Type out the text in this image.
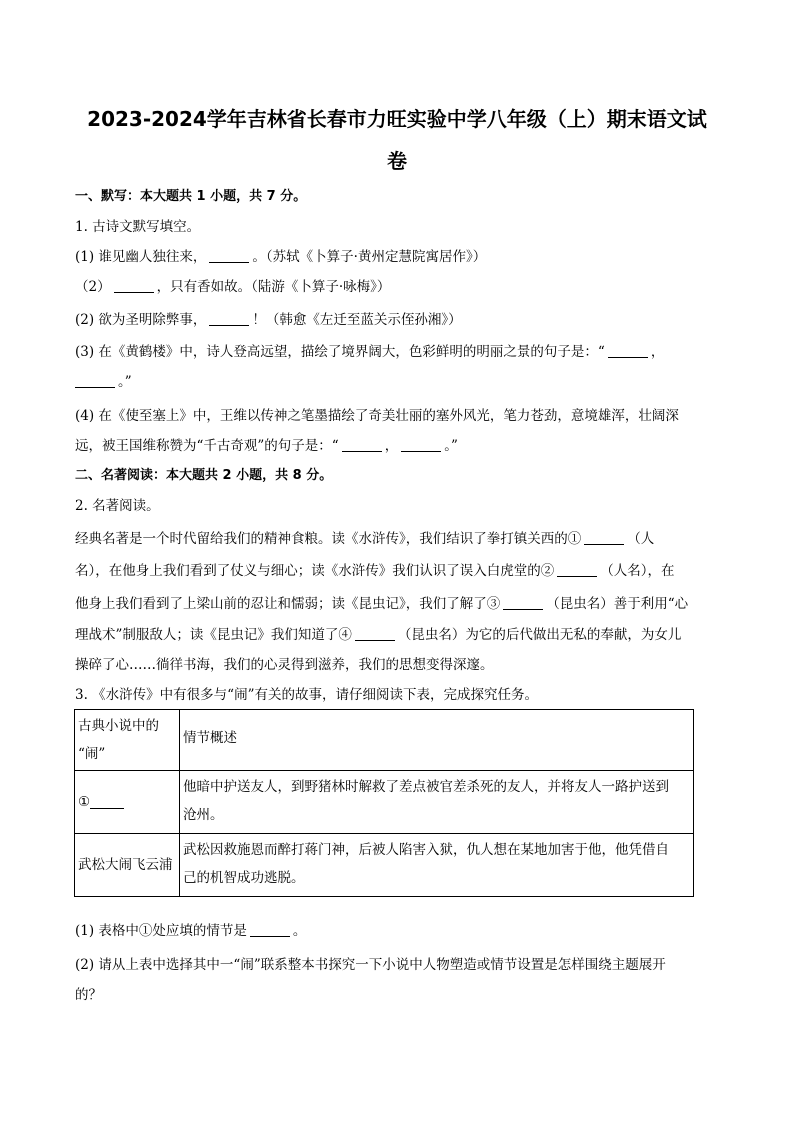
2023-2024学年吉林省长春市力旺实验中学八年级（上）期末语文试
卷
一、默写：本大题共 1 小题，共 7 分。
1. 古诗文默写填空。
(1) 谁见幽人独往来，	。（苏轼《卜算子·黄州定慧院寓居作》）
（2）	，只有香如故。（陆游《卜算子·咏梅》）
(2) 欲为圣明除弊事，	！（韩愈《左迁至蓝关示侄孙湘》）
(3) 在《黄鹤楼》中，诗人登高远望，描绘了境界阔大，色彩鲜明的明丽之景的句子是：“	，
。”
(4) 在《使至塞上》中，王维以传神之笔墨描绘了奇美壮丽的塞外风光，笔力苍劲，意境雄浑，壮阔深
远，被王国维称赞为“千古奇观”的句子是：“	，	。”
二、名著阅读：本大题共 2 小题，共 8 分。
2. 名著阅读。
经典名著是一个时代留给我们的精神食粮。读《水浒传》，我们结识了拳打镇关西的①	（人
名），在他身上我们看到了仗义与细心；读《水浒传》我们认识了误入白虎堂的②	（人名），在
他身上我们看到了上梁山前的忍让和懦弱；读《昆虫记》，我们了解了③	（昆虫名）善于利用“心
理战术”制服敌人；读《昆虫记》我们知道了④	（昆虫名）为它的后代做出无私的奉献，为女儿
操碎了心……徜徉书海，我们的心灵得到滋养，我们的思想变得深邃。
3. 《水浒传》中有很多与“闹”有关的故事，请仔细阅读下表，完成探究任务。
古典小说中的
“闹”	情节概述

①	他暗中护送友人，到野猪林时解救了差点被官差杀死的友人，并将友人一路护送到
沧州。

武松大闹飞云浦	武松因救施恩而醉打蒋门神，后被人陷害入狱，仇人想在某地加害于他，他凭借自
己的机智成功逃脱。
(1) 表格中①处应填的情节是	。
(2) 请从上表中选择其中一“闹”联系整本书探究一下小说中人物塑造或情节设置是怎样围绕主题展开
的？
